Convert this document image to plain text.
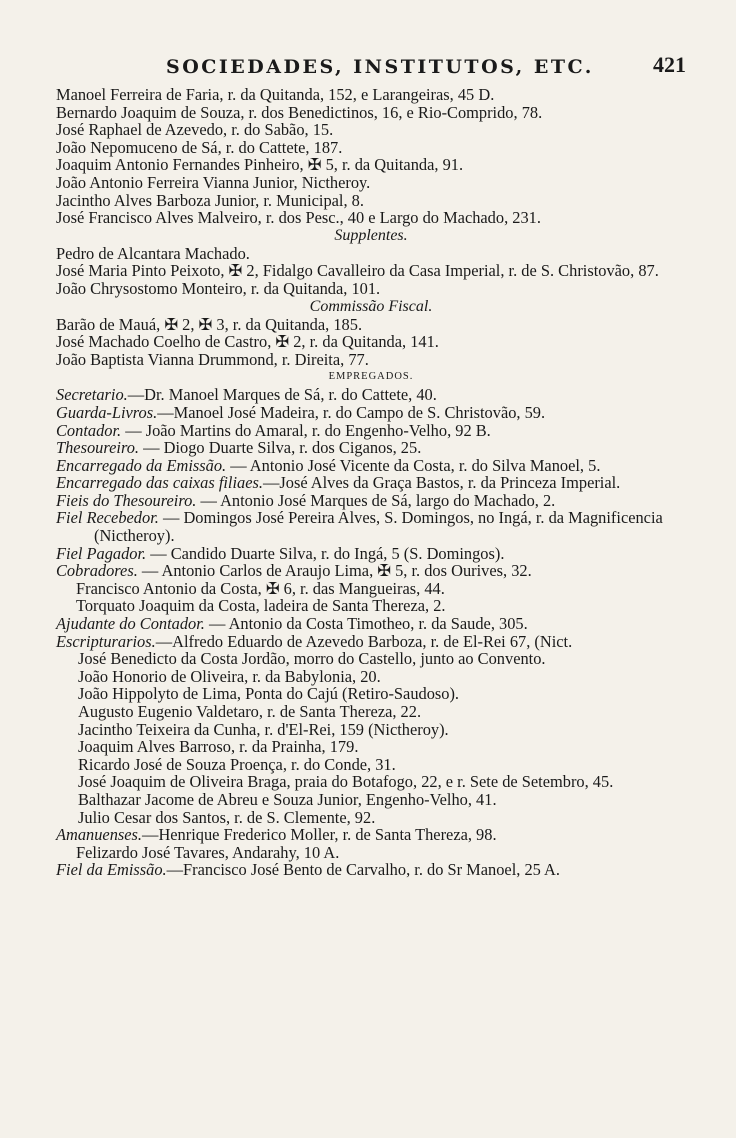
SOCIEDADES, INSTITUTOS, ETC.	421
Manoel Ferreira de Faria, r. da Quitanda, 152, e Larangeiras, 45 D.
Bernardo Joaquim de Souza, r. dos Benedictinos, 16, e Rio-Comprido, 78.
José Raphael de Azevedo, r. do Sabão, 15.
João Nepomuceno de Sá, r. do Cattete, 187.
Joaquim Antonio Fernandes Pinheiro, ✠ 5, r. da Quitanda, 91.
João Antonio Ferreira Vianna Junior, Nictheroy.
Jacintho Alves Barboza Junior, r. Municipal, 8.
José Francisco Alves Malveiro, r. dos Pesc., 40 e Largo do Machado, 231.
Supplentes.
Pedro de Alcantara Machado.
José Maria Pinto Peixoto, ✠ 2, Fidalgo Cavalleiro da Casa Imperial, r. de S. Christovão, 87.
João Chrysostomo Monteiro, r. da Quitanda, 101.
Commissão Fiscal.
Barão de Mauá, ✠ 2, ✠ 3, r. da Quitanda, 185.
José Machado Coelho de Castro, ✠ 2, r. da Quitanda, 141.
João Baptista Vianna Drummond, r. Direita, 77.
EMPREGADOS.
Secretario.—Dr. Manoel Marques de Sá, r. do Cattete, 40.
Guarda-Livros.—Manoel José Madeira, r. do Campo de S. Christovão, 59.
Contador. — João Martins do Amaral, r. do Engenho-Velho, 92 B.
Thesoureiro. — Diogo Duarte Silva, r. dos Ciganos, 25.
Encarregado da Emissão. — Antonio José Vicente da Costa, r. do Silva Manoel, 5.
Encarregado das caixas filiaes.—José Alves da Graça Bastos, r. da Princeza Imperial.
Fieis do Thesoureiro. — Antonio José Marques de Sá, largo do Machado, 2.
Fiel Recebedor. — Domingos José Pereira Alves, S. Domingos, no Ingá, r. da Magnificencia (Nictheroy).
Fiel Pagador. — Candido Duarte Silva, r. do Ingá, 5 (S. Domingos).
Cobradores. — Antonio Carlos de Araujo Lima, ✠ 5, r. dos Ourives, 32.
Francisco Antonio da Costa, ✠ 6, r. das Mangueiras, 44.
Torquato Joaquim da Costa, ladeira de Santa Thereza, 2.
Ajudante do Contador. — Antonio da Costa Timotheo, r. da Saude, 305.
Escripturarios.—Alfredo Eduardo de Azevedo Barboza, r. de El-Rei 67, (Nict.
José Benedicto da Costa Jordão, morro do Castello, junto ao Convento.
João Honorio de Oliveira, r. da Babylonia, 20.
João Hippolyto de Lima, Ponta do Cajú (Retiro-Saudoso).
Augusto Eugenio Valdetaro, r. de Santa Thereza, 22.
Jacintho Teixeira da Cunha, r. d'El-Rei, 159 (Nictheroy).
Joaquim Alves Barroso, r. da Prainha, 179.
Ricardo José de Souza Proença, r. do Conde, 31.
José Joaquim de Oliveira Braga, praia do Botafogo, 22, e r. Sete de Setembro, 45.
Balthazar Jacome de Abreu e Souza Junior, Engenho-Velho, 41.
Julio Cesar dos Santos, r. de S. Clemente, 92.
Amanuenses.—Henrique Frederico Moller, r. de Santa Thereza, 98.
Felizardo José Tavares, Andarahy, 10 A.
Fiel da Emissão.—Francisco José Bento de Carvalho, r. do Sr Manoel, 25 A.
